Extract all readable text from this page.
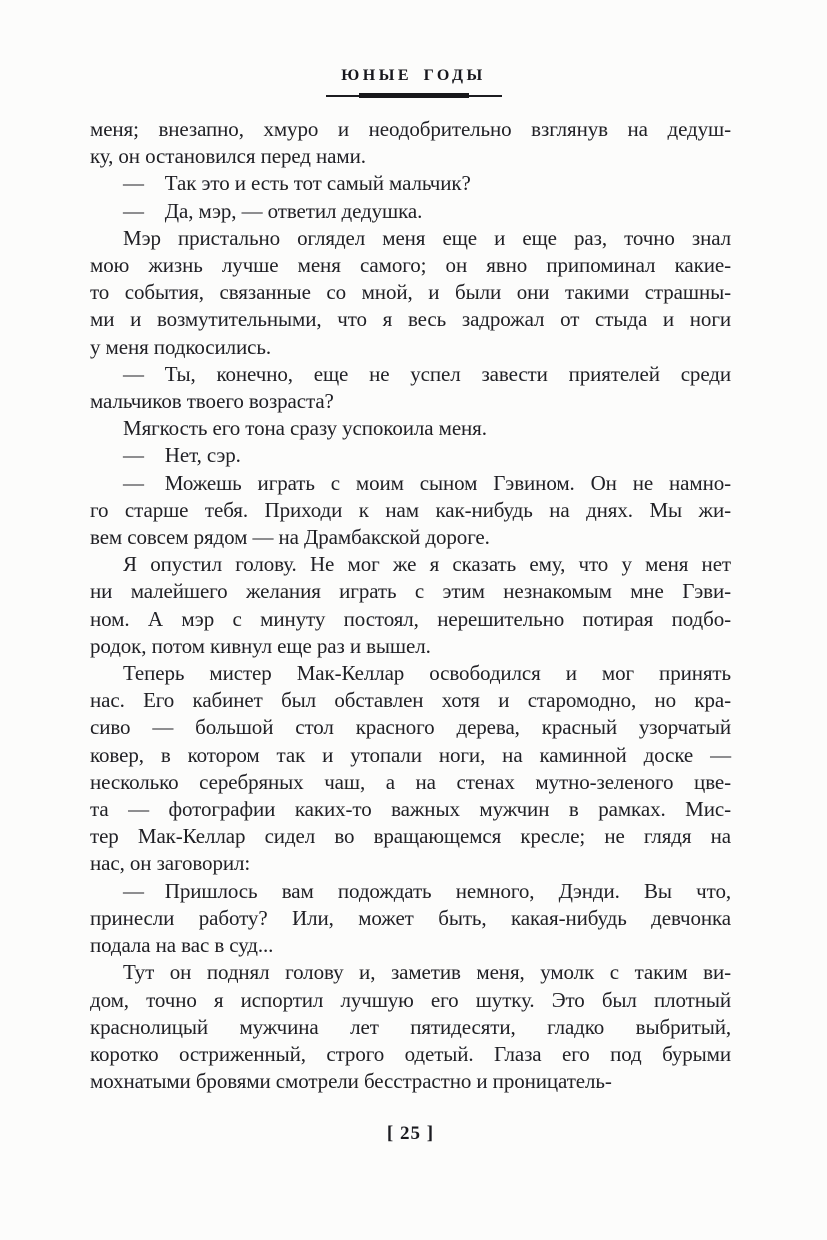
ЮНЫЕ ГОДЫ
меня; внезапно, хмуро и неодобрительно взглянув на дедуш-
ку, он остановился перед нами.
— Так это и есть тот самый мальчик?
— Да, мэр, — ответил дедушка.
Мэр пристально оглядел меня еще и еще раз, точно знал
мою жизнь лучше меня самого; он явно припоминал какие-
то события, связанные со мной, и были они такими страшны-
ми и возмутительными, что я весь задрожал от стыда и ноги
у меня подкосились.
— Ты, конечно, еще не успел завести приятелей среди
мальчиков твоего возраста?
Мягкость его тона сразу успокоила меня.
— Нет, сэр.
— Можешь играть с моим сыном Гэвином. Он не намно-
го старше тебя. Приходи к нам как-нибудь на днях. Мы жи-
вем совсем рядом — на Драмбакской дороге.
Я опустил голову. Не мог же я сказать ему, что у меня нет
ни малейшего желания играть с этим незнакомым мне Гэви-
ном. А мэр с минуту постоял, нерешительно потирая подбо-
родок, потом кивнул еще раз и вышел.
Теперь мистер Мак-Келлар освободился и мог принять
нас. Его кабинет был обставлен хотя и старомодно, но кра-
сиво — большой стол красного дерева, красный узорчатый
ковер, в котором так и утопали ноги, на каминной доске —
несколько серебряных чаш, а на стенах мутно-зеленого цве-
та — фотографии каких-то важных мужчин в рамках. Мис-
тер Мак-Келлар сидел во вращающемся кресле; не глядя на
нас, он заговорил:
— Пришлось вам подождать немного, Дэнди. Вы что,
принесли работу? Или, может быть, какая-нибудь девчонка
подала на вас в суд...
Тут он поднял голову и, заметив меня, умолк с таким ви-
дом, точно я испортил лучшую его шутку. Это был плотный
краснолицый мужчина лет пятидесяти, гладко выбритый,
коротко остриженный, строго одетый. Глаза его под бурыми
мохнатыми бровями смотрели бесстрастно и проницатель-
[ 25 ]
